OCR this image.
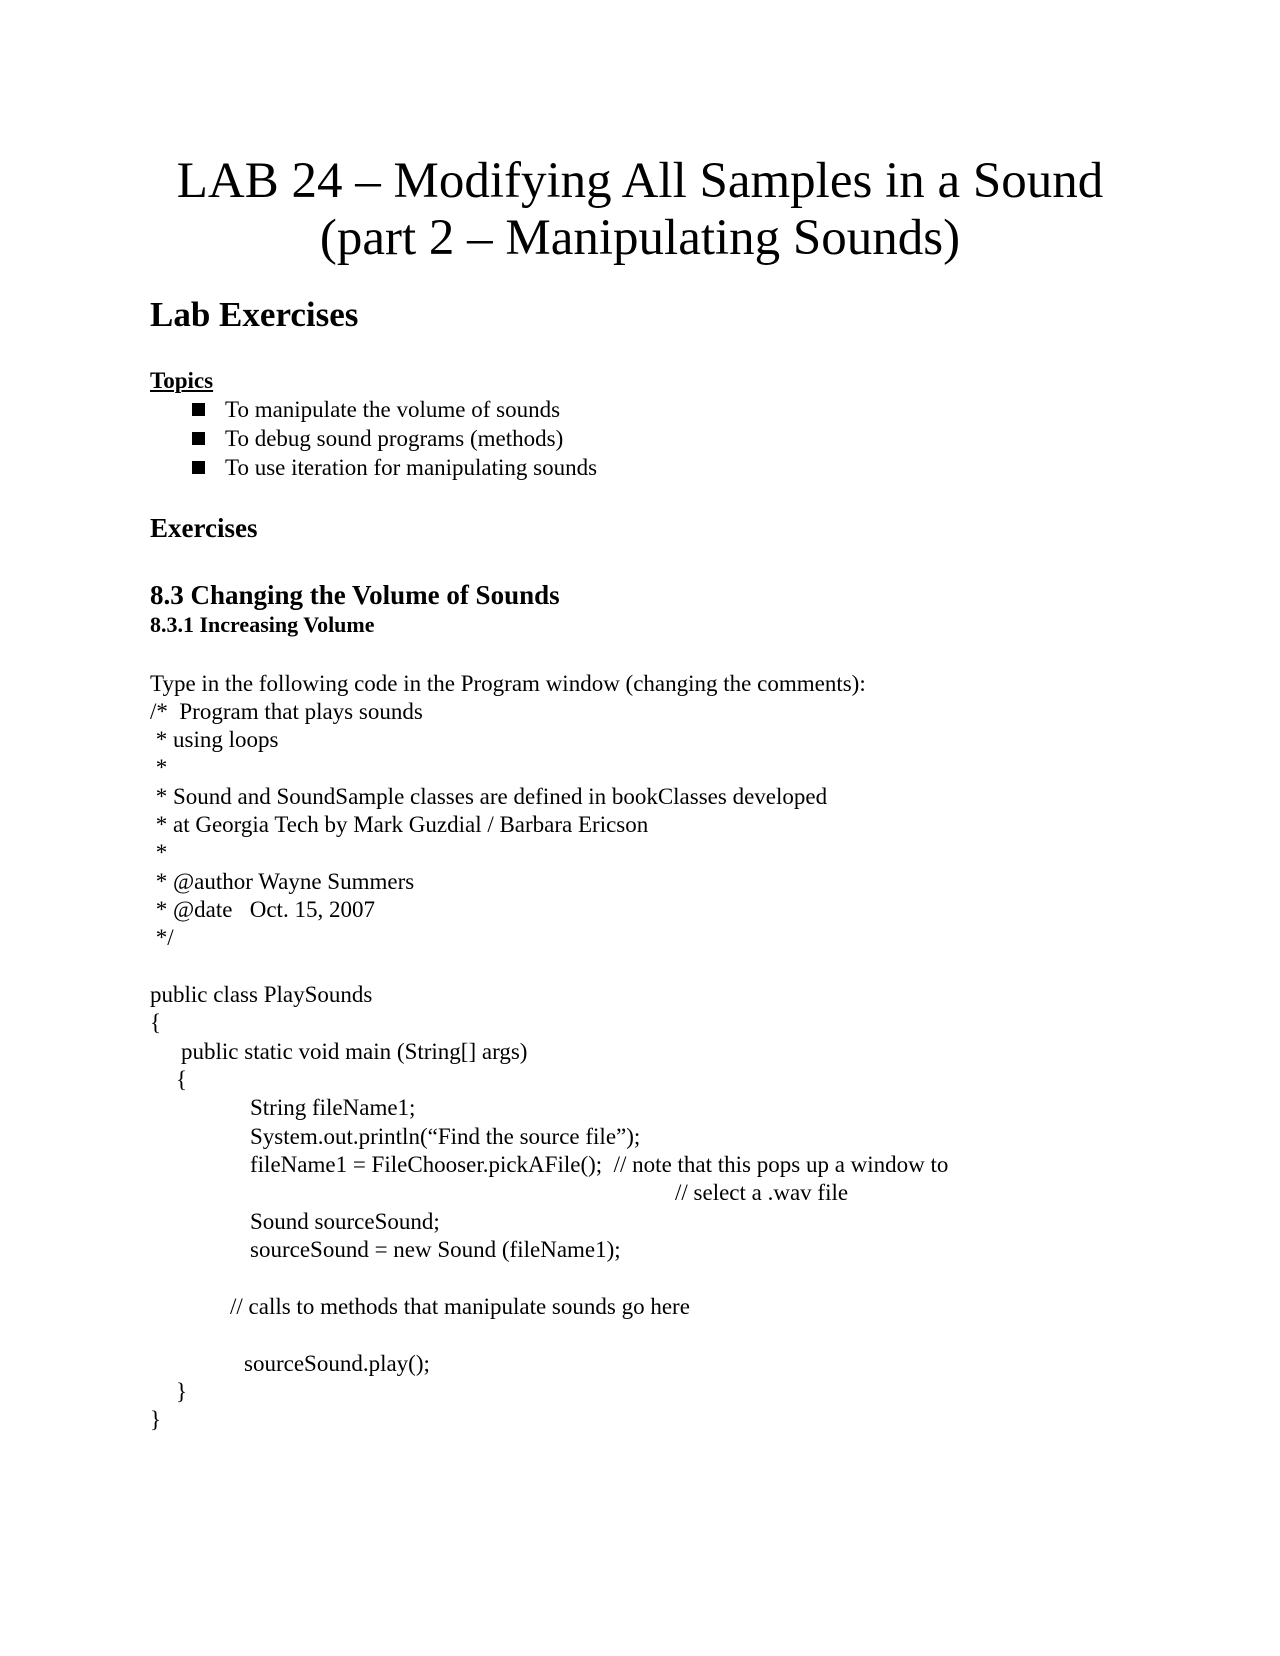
LAB 24 – Modifying All Samples in a Sound
(part 2 – Manipulating Sounds)
Lab Exercises
Topics
To manipulate the volume of sounds
To debug sound programs (methods)
To use iteration for manipulating sounds
Exercises
8.3 Changing the Volume of Sounds
8.3.1 Increasing Volume
Type in the following code in the Program window (changing the comments):
/*  Program that plays sounds
* using loops
*
* Sound and SoundSample classes are defined in bookClasses developed
* at Georgia Tech by Mark Guzdial / Barbara Ericson
*
* @author Wayne Summers
* @date   Oct. 15, 2007
*/
public class PlaySounds
{
public static void main (String[] args)
{
String fileName1;
System.out.println(“Find the source file”);
fileName1 = FileChooser.pickAFile();  // note that this pops up a window to
// select a .wav file
Sound sourceSound;
sourceSound = new Sound (fileName1);
// calls to methods that manipulate sounds go here
sourceSound.play();
}
}
